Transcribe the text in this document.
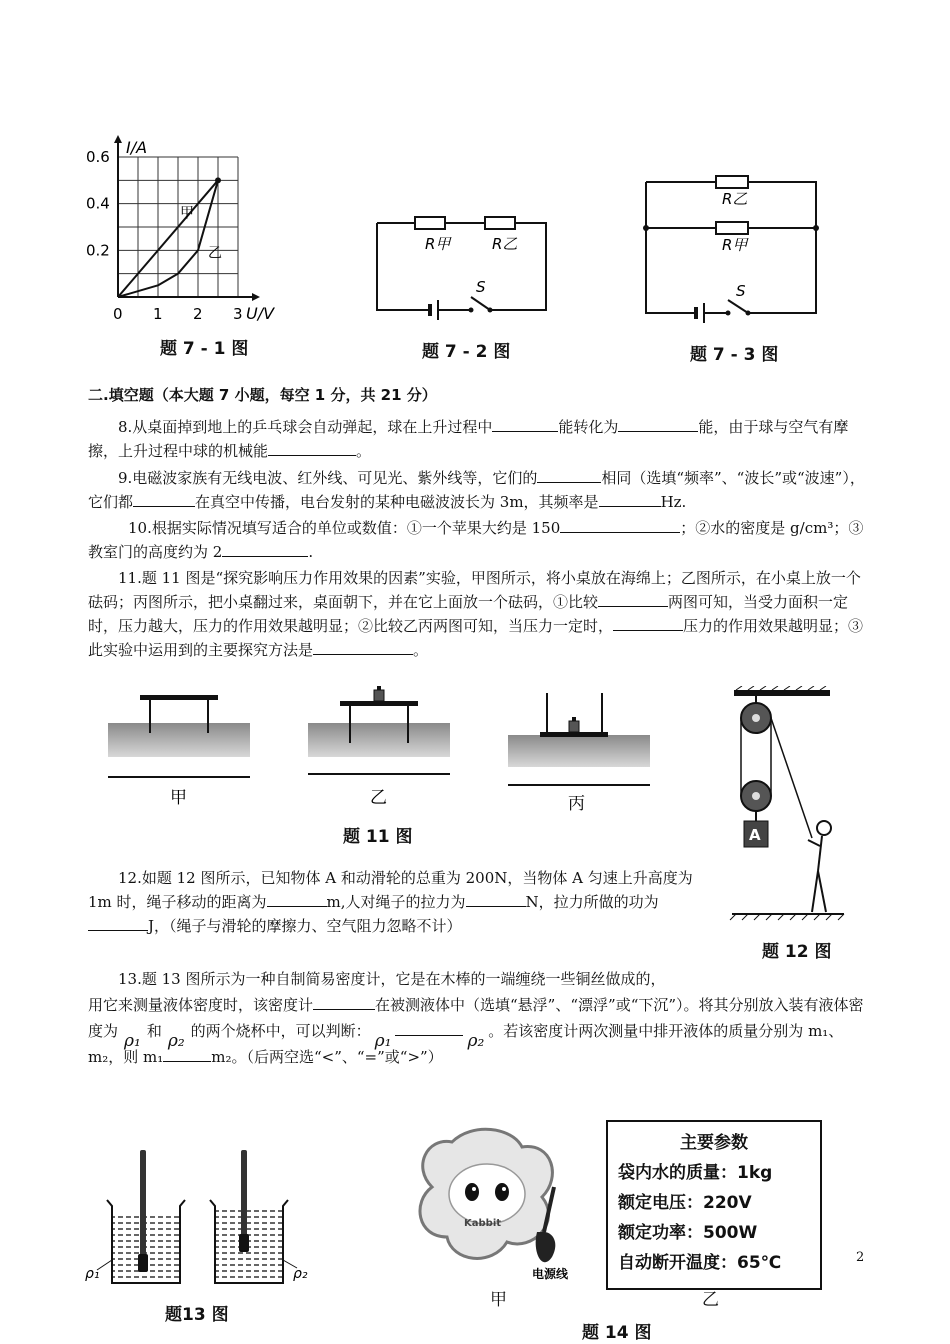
I/A
U/V
0.6
0.4
0.2
0 1 2 3
甲
乙
题 7 - 1 图
R甲	R乙
S
题 7 - 2 图
R乙
R甲
S
题 7 - 3 图
二.填空题（本大题 7 小题，每空 1 分，共 21 分）
8.从桌面掉到地上的乒乓球会自动弹起，球在上升过程中	能转化为	能，由于球与空气有摩擦，上升过程中球的机械能	。
9.电磁波家族有无线电波、红外线、可见光、紫外线等，它们的	相同（选填“频率”、“波长”或“波速”），它们都	在真空中传播，电台发射的某种电磁波波长为 3m，其频率是	Hz.
10.根据实际情况填写适合的单位或数值：①一个苹果大约是 150	；②水的密度是 g/cm³；③教室门的高度约为 2	.
11.题 11 图是“探究影响压力作用效果的因素”实验，甲图所示，将小桌放在海绵上；乙图所示，在小桌上放一个砝码；丙图所示，把小桌翻过来，桌面朝下，并在它上面放一个砝码，①比较	两图可知，当受力面积一定时，压力越大，压力的作用效果越明显；②比较乙丙两图可知，当压力一定时，	压力的作用效果越明显；③此实验中运用到的主要探究方法是	。
甲	乙	丙
题 11 图	A
题 12 图
12.如题 12 图所示，已知物体 A 和动滑轮的总重为 200N，当物体 A 匀速上升高度为 1m 时，绳子移动的距离为	m,人对绳子的拉力为	N，拉力所做的功为J，（绳子与滑轮的摩擦力、空气阻力忽略不计）
13.题 13 图所示为一种自制简易密度计，它是在木棒的一端缠绕一些铜丝做成的，
用它来测量液体密度时，该密度计	在被测液体中（选填“悬浮”、“漂浮”或“下沉”）。将其分别放入装有液体密度为 ρ₁ 和 ρ₂ 的两个烧杯中，可以判断： ρ₁	ρ₂ 。若该密度计两次测量中排开液体的质量分别为 m₁、m₂，则 m₁	m₂。（后两空选“<”、“=”或“>”）
ρ₁	ρ₂
题13 图
Kabbit
电源线
甲
主要参数
袋内水的质量：1kg
额定电压：220V
额定功率：500W
自动断开温度：65℃
乙
题 14 图
2
